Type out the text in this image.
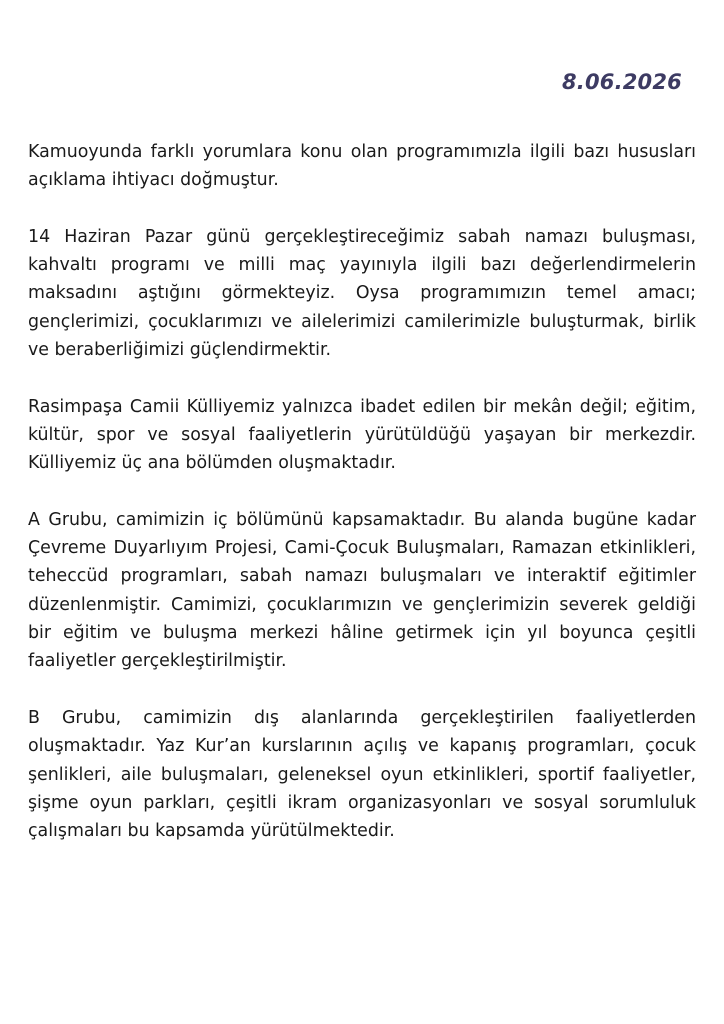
8.06.2026

Kamuoyunda farklı yorumlara konu olan programımızla ilgili bazı hususları açıklama ihtiyacı doğmuştur.

14 Haziran Pazar günü gerçekleştireceğimiz sabah namazı buluşması, kahvaltı programı ve milli maç yayınıyla ilgili bazı değerlendirmelerin maksadını aştığını görmekteyiz. Oysa programımızın temel amacı; gençlerimizi, çocuklarımızı ve ailelerimizi camilerimizle buluşturmak, birlik ve beraberliğimizi güçlendirmektir.

Rasimpaşa Camii Külliyemiz yalnızca ibadet edilen bir mekân değil; eğitim, kültür, spor ve sosyal faaliyetlerin yürütüldüğü yaşayan bir merkezdir. Külliyemiz üç ana bölümden oluşmaktadır.

A Grubu, camimizin iç bölümünü kapsamaktadır. Bu alanda bugüne kadar Çevreme Duyarlıyım Projesi, Cami-Çocuk Buluşmaları, Ramazan etkinlikleri, teheccüd programları, sabah namazı buluşmaları ve interaktif eğitimler düzenlenmiştir. Camimizi, çocuklarımızın ve gençlerimizin severek geldiği bir eğitim ve buluşma merkezi hâline getirmek için yıl boyunca çeşitli faaliyetler gerçekleştirilmiştir.

B Grubu, camimizin dış alanlarında gerçekleştirilen faaliyetlerden oluşmaktadır. Yaz Kur’an kurslarının açılış ve kapanış programları, çocuk şenlikleri, aile buluşmaları, geleneksel oyun etkinlikleri, sportif faaliyetler, şişme oyun parkları, çeşitli ikram organizasyonları ve sosyal sorumluluk çalışmaları bu kapsamda yürütülmektedir.
